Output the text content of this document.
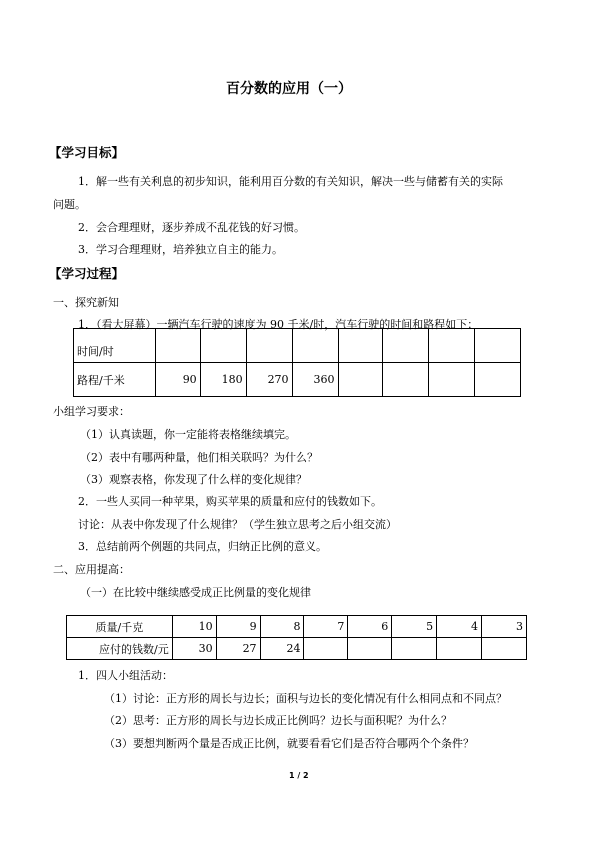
百分数的应用（一）
【学习目标】
1．解一些有关利息的初步知识，能利用百分数的有关知识，解决一些与储蓄有关的实际
问题。
2．会合理理财，逐步养成不乱花钱的好习惯。
3．学习合理理财，培养独立自主的能力。
【学习过程】
一、探究新知
1．（看大屏幕）一辆汽车行驶的速度为 90 千米/时，汽车行驶的时间和路程如下：
时间/时								
路程/千米	90	180	270	360				
小组学习要求：
（1）认真读题，你一定能将表格继续填完。
（2）表中有哪两种量，他们相关联吗？为什么？
（3）观察表格，你发现了什么样的变化规律？
2．一些人买同一种苹果，购买苹果的质量和应付的钱数如下。
讨论：从表中你发现了什么规律？（学生独立思考之后小组交流）
3．总结前两个例题的共同点，归纳正比例的意义。
二、应用提高：
（一）在比较中继续感受成正比例量的变化规律
质量/千克	10	9	8	7	6	5	4	3
应付的钱数/元	30	27	24					
1．四人小组活动：
（1）讨论：正方形的周长与边长；面积与边长的变化情况有什么相同点和不同点？
（2）思考：正方形的周长与边长成正比例吗？边长与面积呢？为什么？
（3）要想判断两个量是否成正比例，就要看看它们是否符合哪两个个条件？
1 / 2
